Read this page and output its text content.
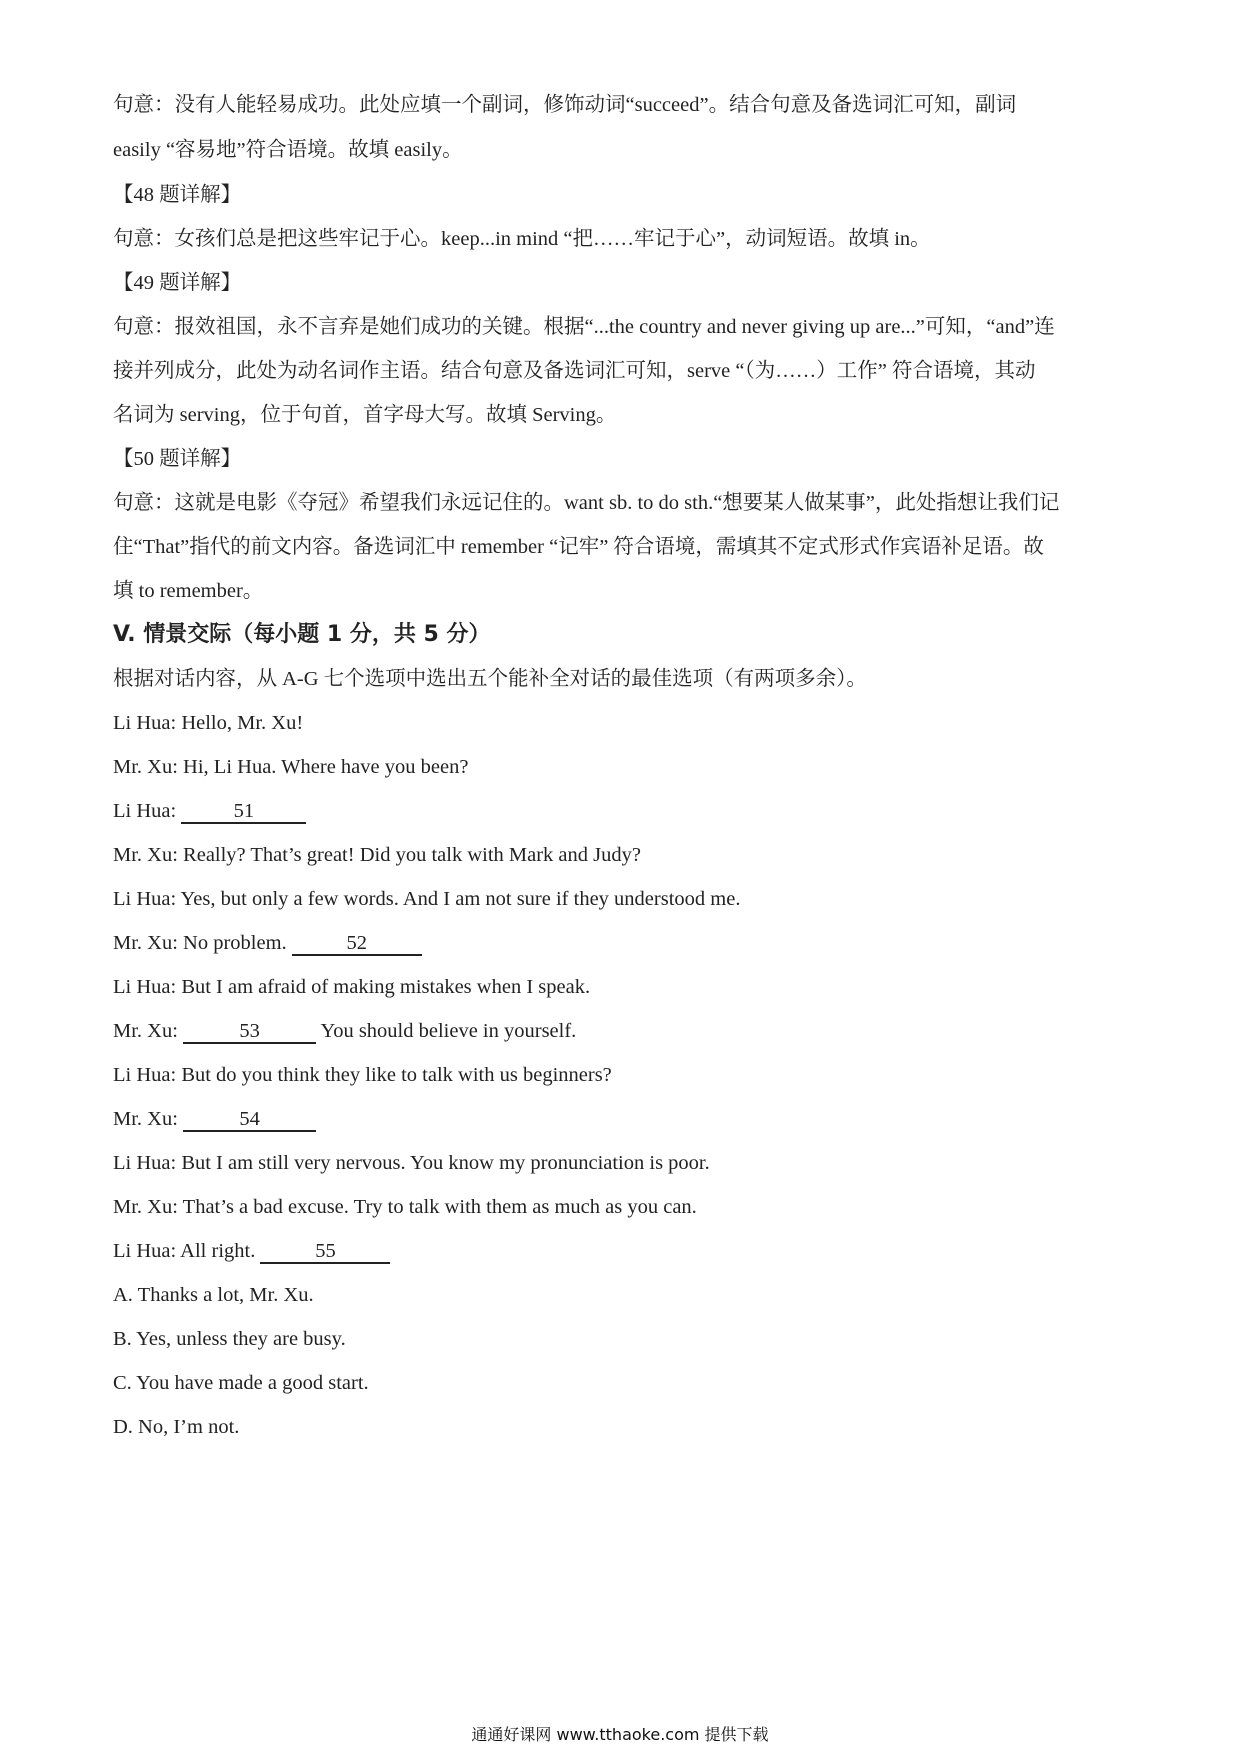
句意：没有人能轻易成功。此处应填一个副词，修饰动词“succeed”。结合句意及备选词汇可知，副词
easily “容易地”符合语境。故填 easily。
【48 题详解】
句意：女孩们总是把这些牢记于心。keep...in mind “把……牢记于心”，动词短语。故填 in。
【49 题详解】
句意：报效祖国，永不言弃是她们成功的关键。根据“...the country and never giving up are...”可知，“and”连
接并列成分，此处为动名词作主语。结合句意及备选词汇可知，serve “（为……）工作” 符合语境，其动
名词为 serving，位于句首，首字母大写。故填 Serving。
【50 题详解】
句意：这就是电影《夺冠》希望我们永远记住的。want sb. to do sth.“想要某人做某事”，此处指想让我们记
住“That”指代的前文内容。备选词汇中 remember “记牢” 符合语境，需填其不定式形式作宾语补足语。故
填 to remember。
V. 情景交际（每小题 1 分，共 5 分）
根据对话内容，从 A-G 七个选项中选出五个能补全对话的最佳选项（有两项多余）。
Li Hua: Hello, Mr. Xu!
Mr. Xu: Hi, Li Hua. Where have you been?
Li Hua:	51
Mr. Xu: Really? That’s great! Did you talk with Mark and Judy?
Li Hua: Yes, but only a few words. And I am not sure if they understood me.
Mr. Xu: No problem.	52
Li Hua: But I am afraid of making mistakes when I speak.
Mr. Xu:	53	You should believe in yourself.
Li Hua: But do you think they like to talk with us beginners?
Mr. Xu:	54
Li Hua: But I am still very nervous. You know my pronunciation is poor.
Mr. Xu: That’s a bad excuse. Try to talk with them as much as you can.
Li Hua: All right.	55
A. Thanks a lot, Mr. Xu.
B. Yes, unless they are busy.
C. You have made a good start.
D. No, I’m not.
通通好课网 www.tthaoke.com 提供下载
